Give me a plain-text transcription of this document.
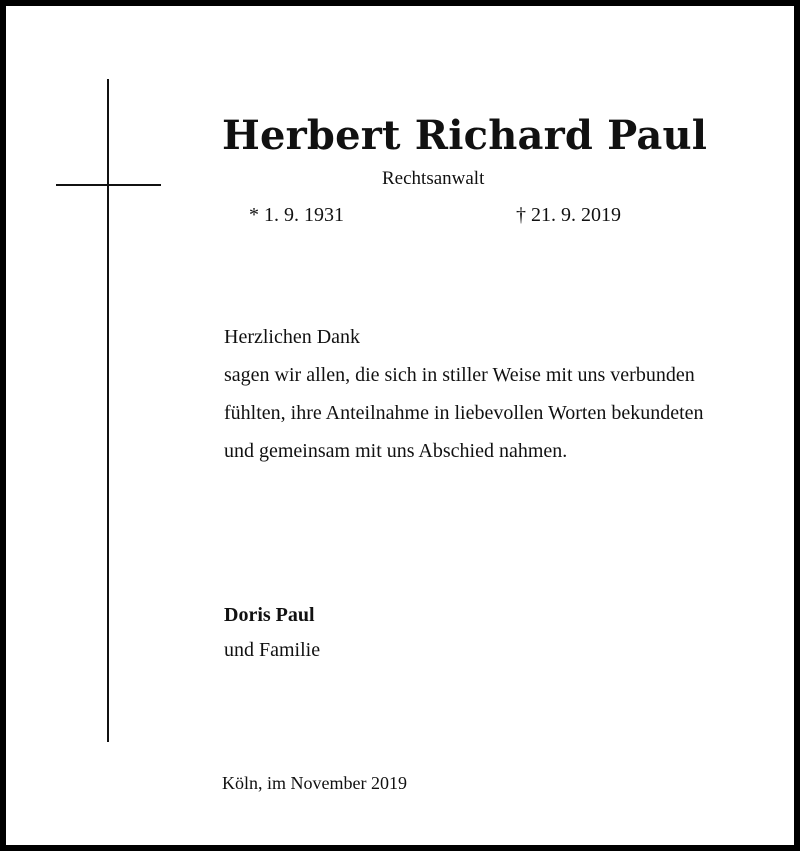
Herbert Richard Paul
Rechtsanwalt
* 1. 9. 1931	† 21. 9. 2019
Herzlichen Dank
sagen wir allen, die sich in stiller Weise mit uns verbunden
fühlten, ihre Anteilnahme in liebevollen Worten bekundeten
und gemeinsam mit uns Abschied nahmen.
Doris Paul
und Familie
Köln, im November 2019
